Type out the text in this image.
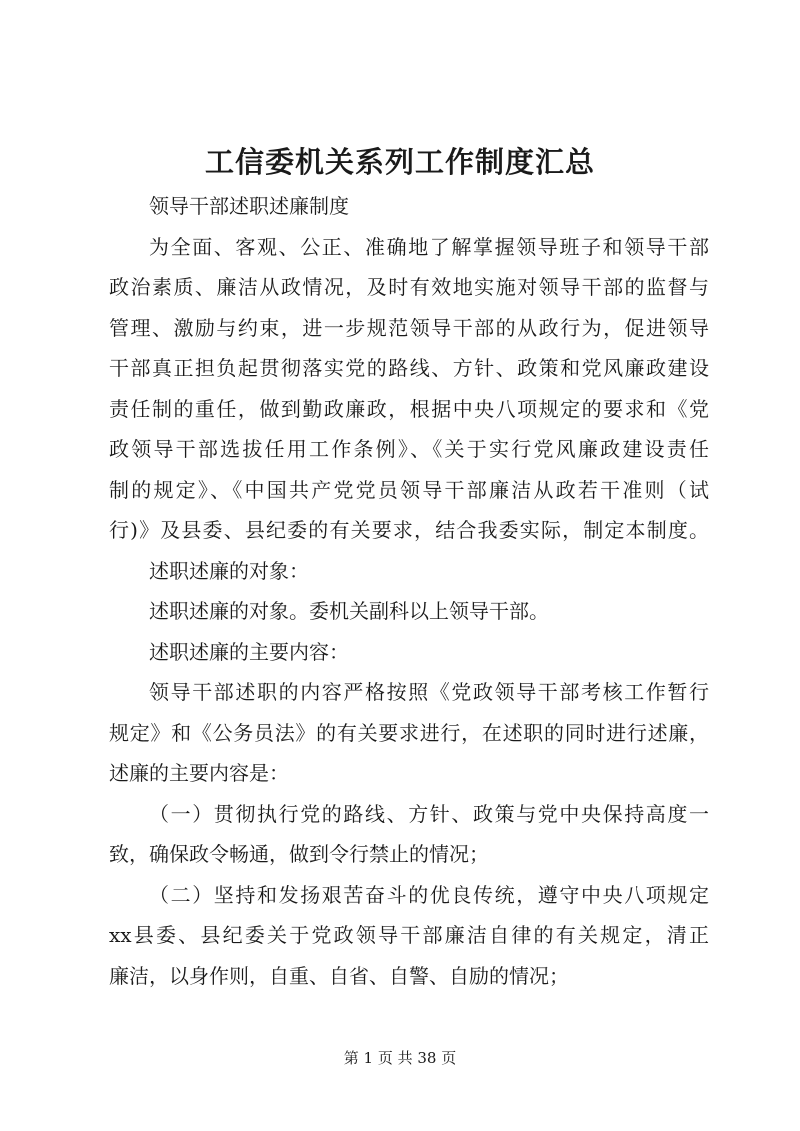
工信委机关系列工作制度汇总
领导干部述职述廉制度
为全面、客观、公正、准确地了解掌握领导班子和领导干部
政治素质、廉洁从政情况，及时有效地实施对领导干部的监督与
管理、激励与约束，进一步规范领导干部的从政行为，促进领导
干部真正担负起贯彻落实党的路线、方针、政策和党风廉政建设
责任制的重任，做到勤政廉政，根据中央八项规定的要求和《党
政领导干部选拔任用工作条例》、《关于实行党风廉政建设责任
制的规定》、《中国共产党党员领导干部廉洁从政若干准则（试
行)》及县委、县纪委的有关要求，结合我委实际，制定本制度。
述职述廉的对象：
述职述廉的对象。委机关副科以上领导干部。
述职述廉的主要内容：
领导干部述职的内容严格按照《党政领导干部考核工作暂行
规定》和《公务员法》的有关要求进行，在述职的同时进行述廉，
述廉的主要内容是：
（一）贯彻执行党的路线、方针、政策与党中央保持高度一
致，确保政令畅通，做到令行禁止的情况；
（二）坚持和发扬艰苦奋斗的优良传统，遵守中央八项规定
xx县委、县纪委关于党政领导干部廉洁自律的有关规定，清正
廉洁，以身作则，自重、自省、自警、自励的情况；
第 1 页 共 38 页
